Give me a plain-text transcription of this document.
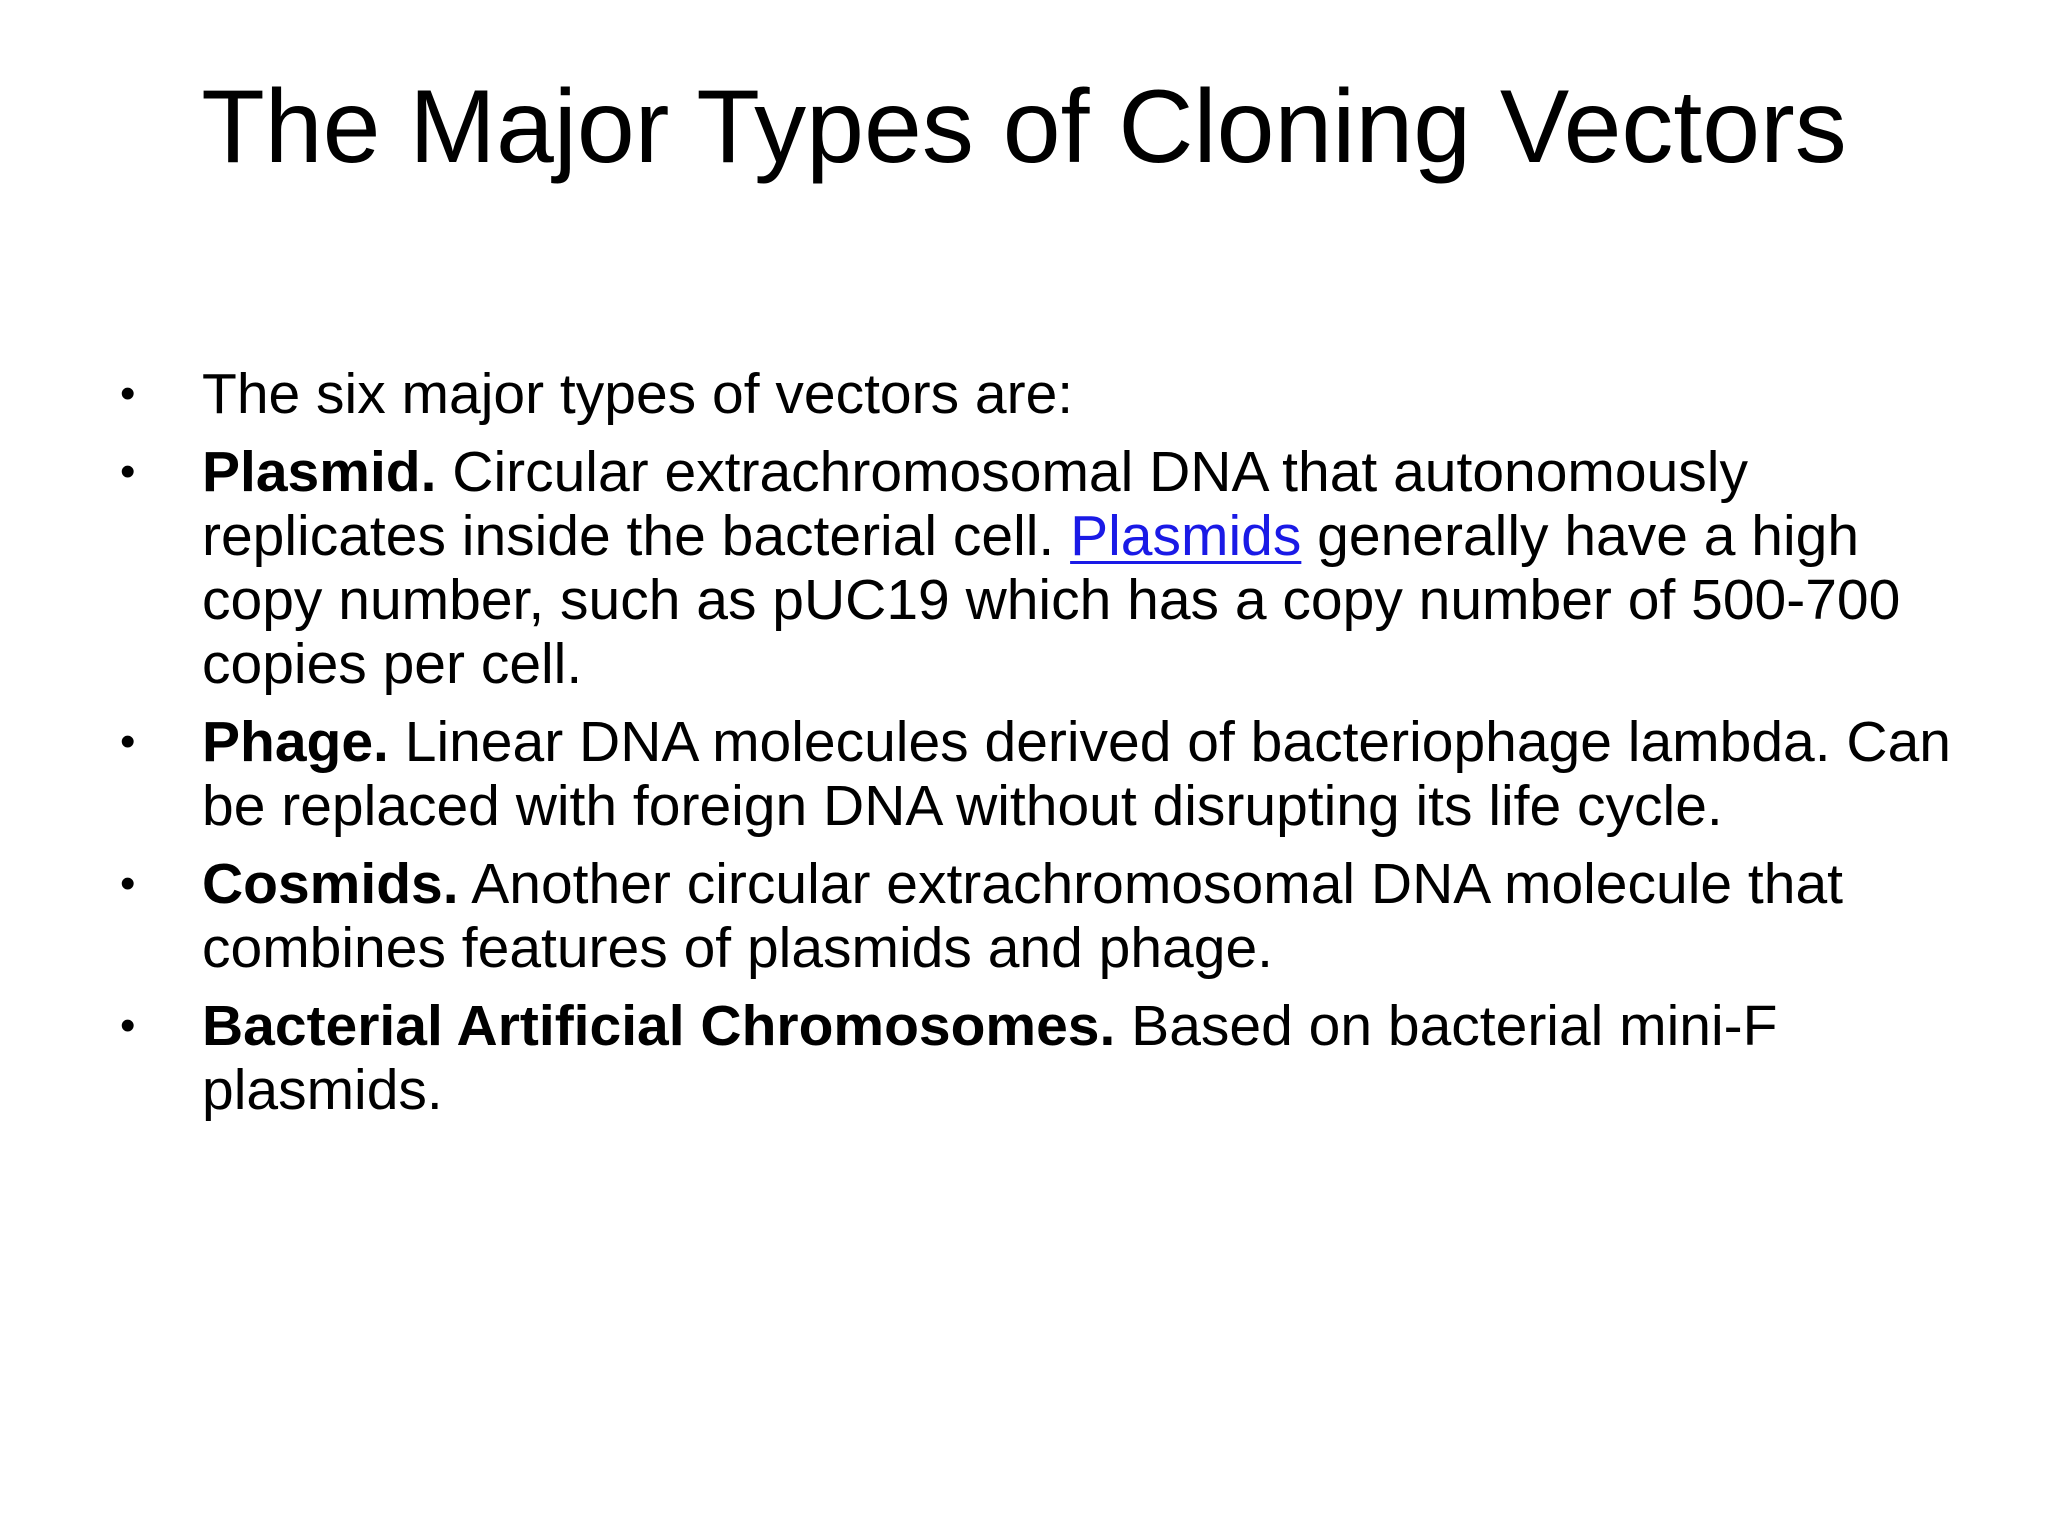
The Major Types of Cloning Vectors
•	The six major types of vectors are:
•	Plasmid. Circular extrachromosomal DNA that autonomously replicates inside the bacterial cell. Plasmids generally have a high copy number, such as pUC19 which has a copy number of 500-700 copies per cell.
•	Phage. Linear DNA molecules derived of bacteriophage lambda. Can be replaced with foreign DNA without disrupting its life cycle.
•	Cosmids. Another circular extrachromosomal DNA molecule that combines features of plasmids and phage.
•	Bacterial Artificial Chromosomes. Based on bacterial mini-F plasmids.
